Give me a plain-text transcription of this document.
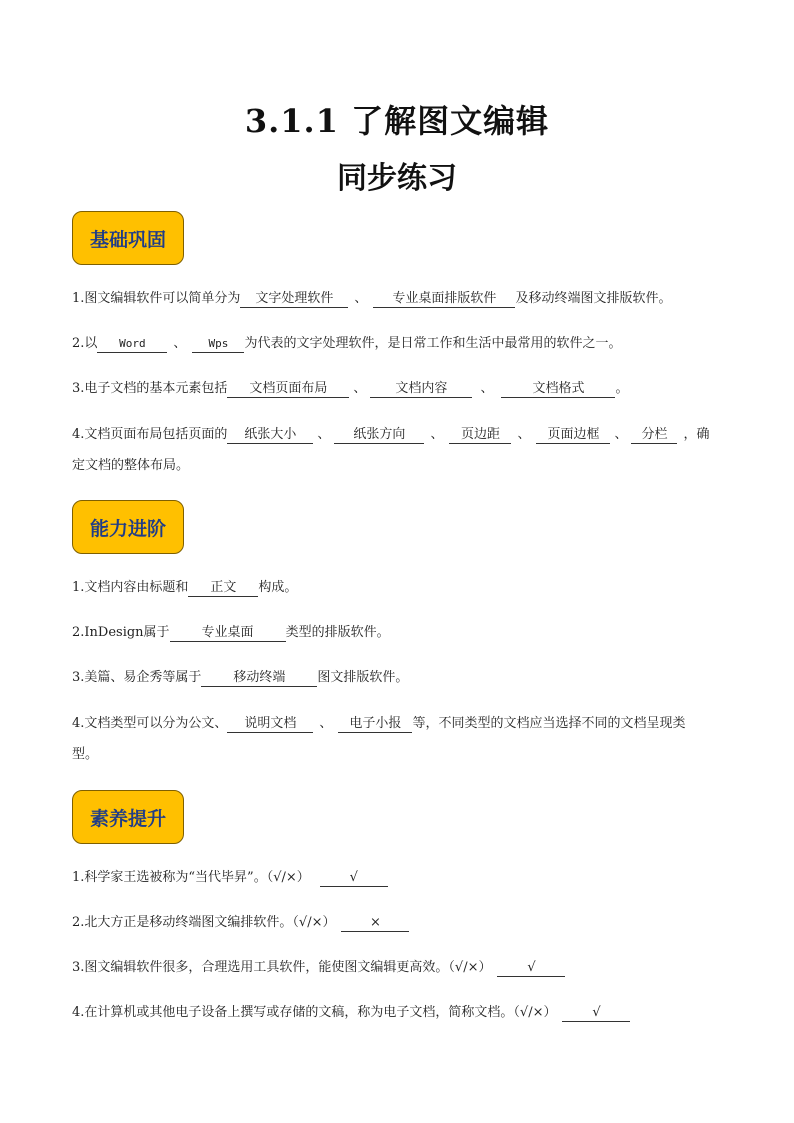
3.1.1 了解图文编辑
同步练习
基础巩固
1.图文编辑软件可以简单分为 文字处理软件 、 专业桌面排版软件 及移动终端图文排版软件。
2.以 Word 、 Wps 为代表的文字处理软件，是日常工作和生活中最常用的软件之一。
3.电子文档的基本元素包括 文档页面布局 、 文档内容	、	文档格式 。
4.文档页面布局包括页面的 纸张大小 、 纸张方向 、 页边距 、 页面边框 、 分栏 ，确
定文档的整体布局。
能力进阶
1.文档内容由标题和 正文 构成。
2.InDesign属于 专业桌面 类型的排版软件。
3.美篇、易企秀等属于 移动终端 图文排版软件。
4.文档类型可以分为公文、 说明文档 、 电子小报 等，不同类型的文档应当选择不同的文档呈现类
型。
素养提升
1.科学家王选被称为“当代毕昇”。（√/×）	√
2.北大方正是移动终端图文编排软件。（√/×）	×
3.图文编辑软件很多，合理选用工具软件，能使图文编辑更高效。（√/×）	√
4.在计算机或其他电子设备上撰写或存储的文稿，称为电子文档，简称文档。（√/×）	√
